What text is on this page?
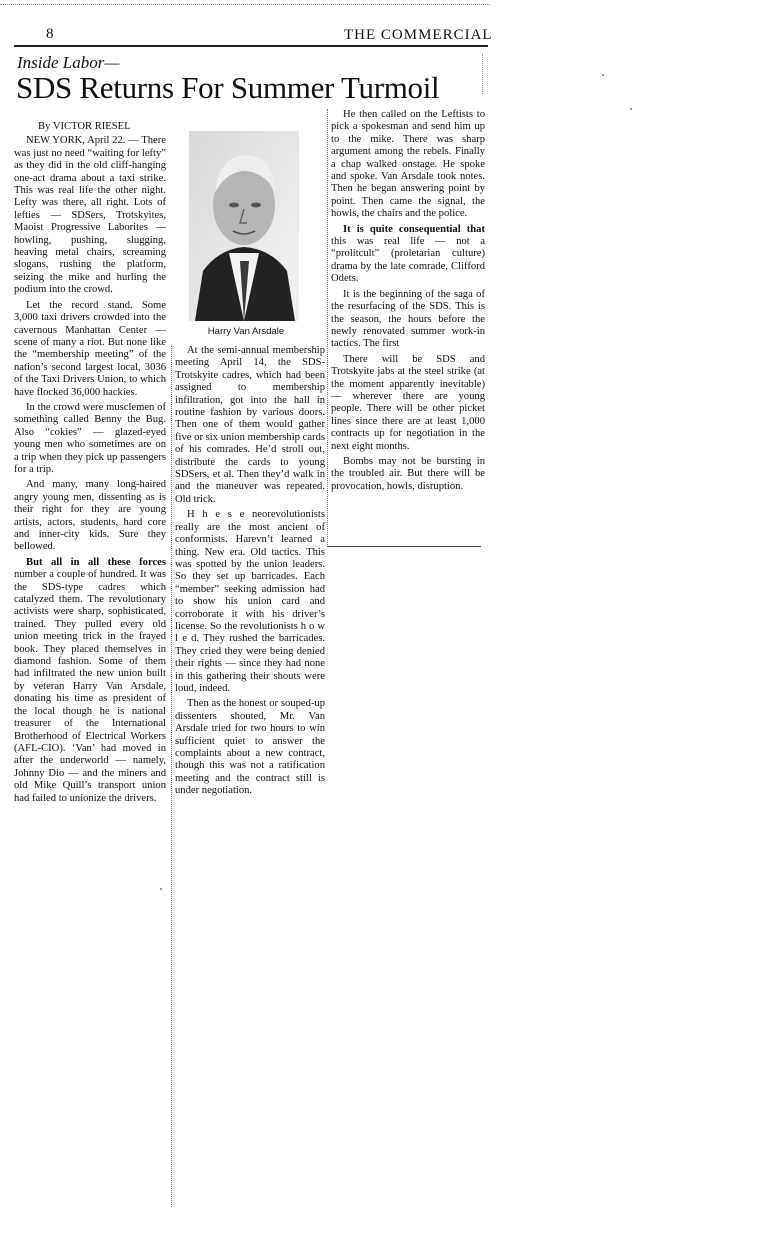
8	THE COMMERCIAL
Inside Labor—
SDS Returns For Summer Turmoil
By VICTOR RIESEL

NEW YORK, April 22. — There was just no need “waiting for lefty” as they did in the old cliff-hanging one-act drama about a taxi strike. This was real life the other night. Lefty was there, all right. Lots of lefties — SDSers, Trotskyites, Maoist Progressive Laborites — howling, pushing, slugging, heaving metal chairs, screaming slogans, rushing the platform, seizing the mike and hurling the podium into the crowd.

Let the record stand. Some 3,000 taxi drivers crowded into the cavernous Manhattan Center — scene of many a riot. But none like the “membership meeting” of the nation’s second largest local, 3036 of the Taxi Drivers Union, to which have flocked 36,000 hackies.

In the crowd were musclemen of something called Benny the Bug. Also “cokies” — glazed-eyed young men who sometimes are on a trip when they pick up passengers for a trip.

And many, many long-haired angry young men, dissenting as is their right for they are young artists, actors, students, hard core and inner-city kids. Sure they bellowed.

But all in all these forces number a couple of hundred. It was the SDS-type cadres which catalyzed them. The revolutionary activists were sharp, sophisticated, trained. They pulled every old union meeting trick in the frayed book. They placed themselves in diamond fashion. Some of them had infiltrated the new union built by veteran Harry Van Arsdale, donating his time as president of the local though he is national treasurer of the International Brotherhood of Electrical Workers (AFL-CIO). ‘Van’ had moved in after the underworld — namely, Johnny Dio — and the miners and old Mike Quill’s transport union had failed to unionize the drivers.

Harry Van Arsdale

At the semi-annual membership meeting April 14, the SDS-Trotskyite cadres, which had been assigned to membership infiltration, got into the hall in routine fashion by various doors. Then one of them would gather five or six union membership cards of his comrades. He’d stroll out, distribute the cards to young SDSers, et al. Then they’d walk in and the maneuver was repeated. Old trick.

H h e s e neorevolutionists really are the most ancient of conformists. Harevn’t learned a thing. New era. Old tactics. This was spotted by the union leaders. So they set up barricades. Each “member” seeking admission had to show his union card and corroborate it with his driver’s license. So the revolutionists h o w l e d. They rushed the barricades. They cried they were being denied their rights — since they had none in this gathering their shouts were loud, indeed.

Then as the honest or souped-up dissenters shouted, Mr. Van Arsdale tried for two hours to win sufficient quiet to answer the complaints about a new contract, though this was not a ratification meeting and the contract still is under negotiation.

He then called on the Leftists to pick a spokesman and send him up to the mike. There was sharp argument among the rebels. Finally a chap walked onstage. He spoke and spoke. Van Arsdale took notes. Then he began answering point by point. Then came the signal, the howls, the chairs and the police.

It is quite consequential that this was real life — not a “prolitcult” (proletarian culture) drama by the late comrade, Clifford Odets.

It is the beginning of the saga of the resurfacing of the SDS. This is the season, the hours before the newly renovated summer work-in tactics. The first

There will be SDS and Trotskyite jabs at the steel strike (at the moment apparently inevitable) — wherever there are young people. There will be other picket lines since there are at least 1,000 contracts up for negotiation in the next eight months.

Bombs may not be bursting in the troubled air. But there will be provocation, howls, disruption.
